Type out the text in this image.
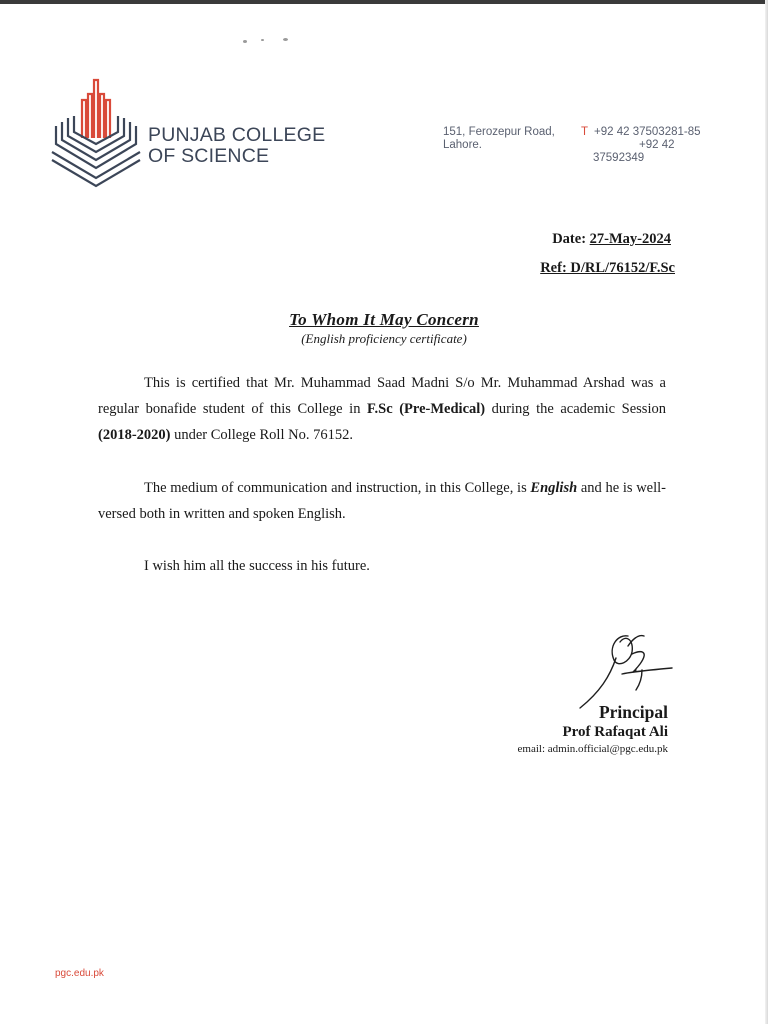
PUNJAB COLLEGE
OF SCIENCE
151, Ferozepur Road,
Lahore.
T +92 42 37503281-85
+92 42 37592349
Date: 27-May-2024
Ref: D/RL/76152/F.Sc
To Whom It May Concern
(English proficiency certificate)
This is certified that Mr. Muhammad Saad Madni S/o Mr. Muhammad Arshad was a regular bonafide student of this College in F.Sc (Pre-Medical) during the academic Session (2018-2020) under College Roll No. 76152.
The medium of communication and instruction, in this College, is English and he is well-versed both in written and spoken English.
I wish him all the success in his future.
Principal
Prof Rafaqat Ali
email: admin.official@pgc.edu.pk
pgc.edu.pk
